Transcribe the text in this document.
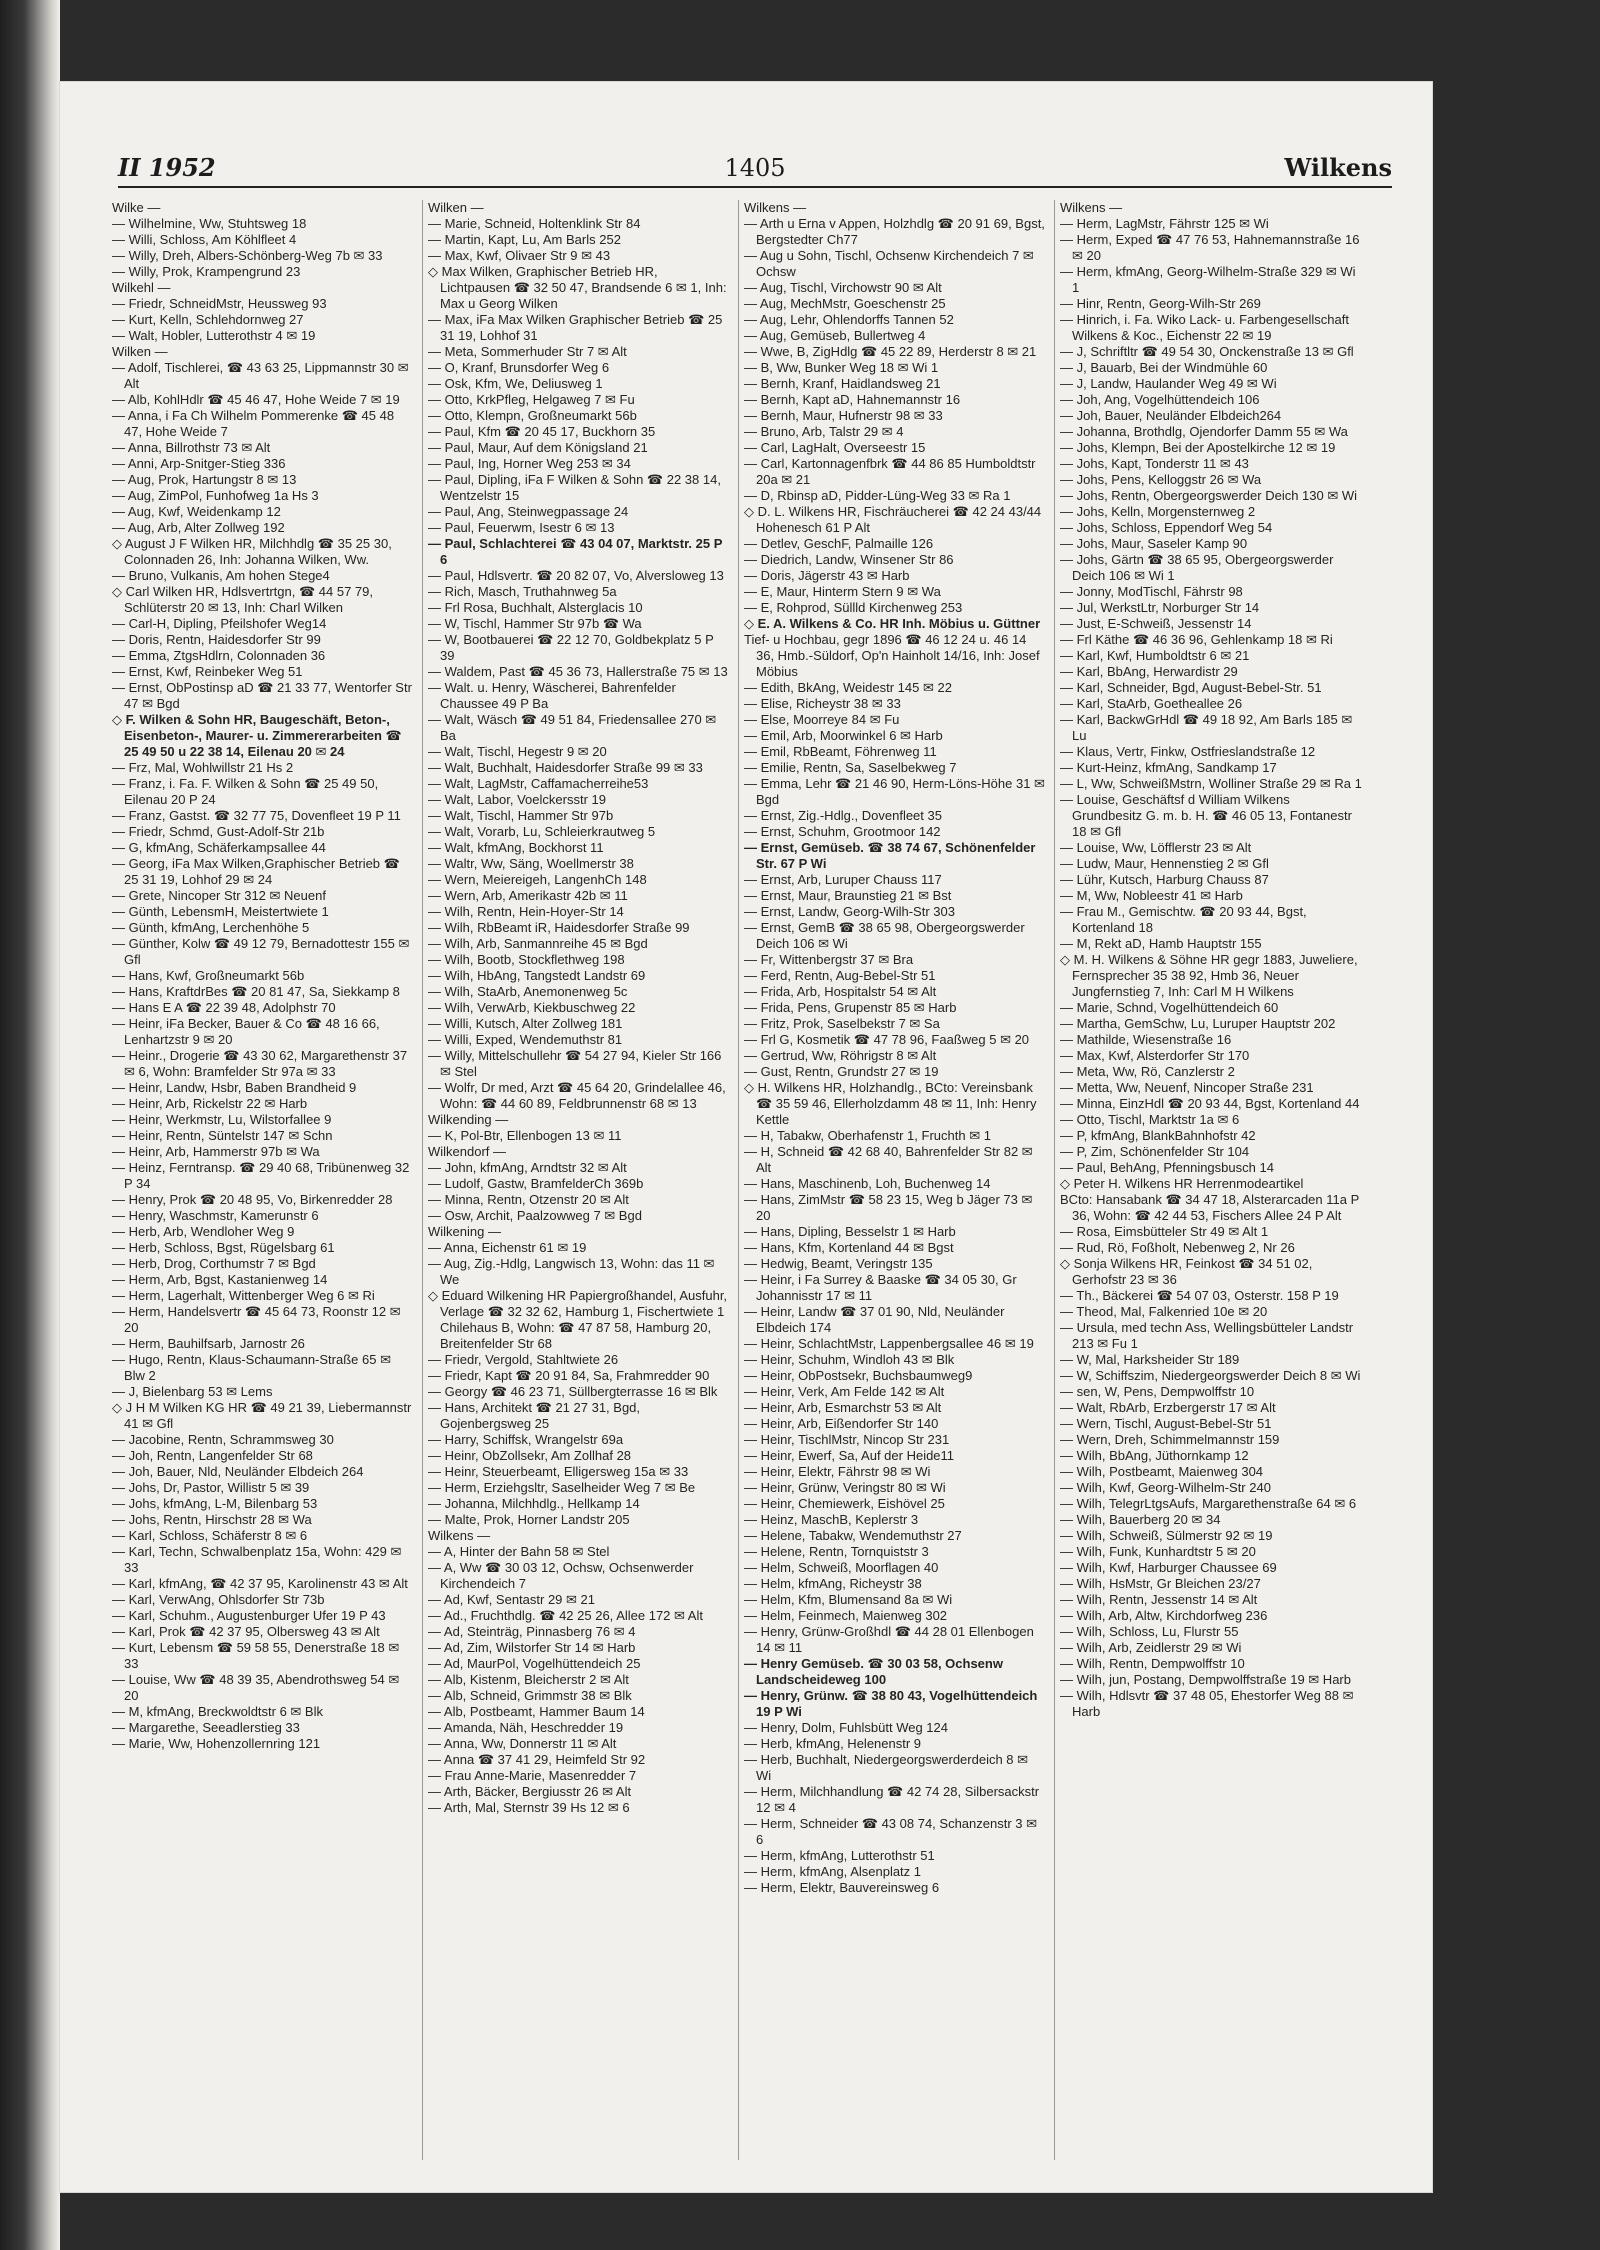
II 1952	1405	Wilkens

Wilke —

— Wilhelmine, Ww, Stuhtsweg 18

— Willi, Schloss, Am Köhlfleet 4

— Willy, Dreh, Albers-Schönberg-Weg 7b ✉ 33

— Willy, Prok, Krampengrund 23

Wilkehl —

— Friedr, SchneidMstr, Heussweg 93

— Kurt, Kelln, Schlehdornweg 27

— Walt, Hobler, Lutterothstr 4 ✉ 19

Wilken —

— Adolf, Tischlerei, ☎ 43 63 25, Lippmannstr 30 ✉ Alt

— Alb, KohlHdlr ☎ 45 46 47, Hohe Weide 7 ✉ 19

— Anna, i Fa Ch Wilhelm Pommerenke ☎ 45 48 47, Hohe Weide 7

— Anna, Billrothstr 73 ✉ Alt

— Anni, Arp-Snitger-Stieg 336

— Aug, Prok, Hartungstr 8 ✉ 13

— Aug, ZimPol, Funhofweg 1a Hs 3

— Aug, Kwf, Weidenkamp 12

— Aug, Arb, Alter Zollweg 192

◇ August J F Wilken HR, Milchhdlg ☎ 35 25 30, Colonnaden 26, Inh: Johanna Wilken, Ww.

— Bruno, Vulkanis, Am hohen Stege4

◇ Carl Wilken HR, Hdlsvertrtgn, ☎ 44 57 79, Schlüterstr 20 ✉ 13, Inh: Charl Wilken

— Carl-H, Dipling, Pfeilshofer Weg14

— Doris, Rentn, Haidesdorfer Str 99

— Emma, ZtgsHdlrn, Colonnaden 36

— Ernst, Kwf, Reinbeker Weg 51

— Ernst, ObPostinsp aD ☎ 21 33 77, Wentorfer Str 47 ✉ Bgd

◇ F. Wilken & Sohn HR, Baugeschäft, Beton-, Eisenbeton-, Maurer- u. Zimmererarbeiten ☎ 25 49 50 u 22 38 14, Eilenau 20 ✉ 24

— Frz, Mal, Wohlwillstr 21 Hs 2

— Franz, i. Fa. F. Wilken & Sohn ☎ 25 49 50, Eilenau 20 P 24

— Franz, Gastst. ☎ 32 77 75, Dovenfleet 19 P 11

— Friedr, Schmd, Gust-Adolf-Str 21b

— G, kfmAng, Schäferkampsallee 44

— Georg, iFa Max Wilken,Graphischer Betrieb ☎ 25 31 19, Lohhof 29 ✉ 24

— Grete, Nincoper Str 312 ✉ Neuenf

— Günth, LebensmH, Meistertwiete 1

— Günth, kfmAng, Lerchenhöhe 5

— Günther, Kolw ☎ 49 12 79, Bernadottestr 155 ✉ Gfl

— Hans, Kwf, Großneumarkt 56b

— Hans, KraftdrBes ☎ 20 81 47, Sa, Siekkamp 8

— Hans E A ☎ 22 39 48, Adolphstr 70

— Heinr, iFa Becker, Bauer & Co ☎ 48 16 66, Lenhartzstr 9 ✉ 20

— Heinr., Drogerie ☎ 43 30 62, Margarethenstr 37 ✉ 6, Wohn: Bramfelder Str 97a ✉ 33

— Heinr, Landw, Hsbr, Baben Brandheid 9

— Heinr, Arb, Rickelstr 22 ✉ Harb

— Heinr, Werkmstr, Lu, Wilstorfallee 9

— Heinr, Rentn, Süntelstr 147 ✉ Schn

— Heinr, Arb, Hammerstr 97b ✉ Wa

— Heinz, Ferntransp. ☎ 29 40 68, Tribünenweg 32 P 34

— Henry, Prok ☎ 20 48 95, Vo, Birkenredder 28

— Henry, Waschmstr, Kamerunstr 6

— Herb, Arb, Wendloher Weg 9

— Herb, Schloss, Bgst, Rügelsbarg 61

— Herb, Drog, Corthumstr 7 ✉ Bgd

— Herm, Arb, Bgst, Kastanienweg 14

— Herm, Lagerhalt, Wittenberger Weg 6 ✉ Ri

— Herm, Handelsvertr ☎ 45 64 73, Roonstr 12 ✉ 20

— Herm, Bauhilfsarb, Jarnostr 26

— Hugo, Rentn, Klaus-Schaumann-Straße 65 ✉ Blw 2

— J, Bielenbarg 53 ✉ Lems

◇ J H M Wilken KG HR ☎ 49 21 39, Liebermannstr 41 ✉ Gfl

— Jacobine, Rentn, Schrammsweg 30

— Joh, Rentn, Langenfelder Str 68

— Joh, Bauer, Nld, Neuländer Elbdeich 264

— Johs, Dr, Pastor, Willistr 5 ✉ 39

— Johs, kfmAng, L-M, Bilenbarg 53

— Johs, Rentn, Hirschstr 28 ✉ Wa

— Karl, Schloss, Schäferstr 8 ✉ 6

— Karl, Techn, Schwalbenplatz 15a, Wohn: 429 ✉ 33

— Karl, kfmAng, ☎ 42 37 95, Karolinenstr 43 ✉ Alt

— Karl, VerwAng, Ohlsdorfer Str 73b

— Karl, Schuhm., Augustenburger Ufer 19 P 43

— Karl, Prok ☎ 42 37 95, Olbersweg 43 ✉ Alt

— Kurt, Lebensm ☎ 59 58 55, Denerstraße 18 ✉ 33

— Louise, Ww ☎ 48 39 35, Abendrothsweg 54 ✉ 20

— M, kfmAng, Breckwoldtstr 6 ✉ Blk

— Margarethe, Seeadlerstieg 33

— Marie, Ww, Hohenzollernring 121

Wilken —

— Marie, Schneid, Holtenklink Str 84

— Martin, Kapt, Lu, Am Barls 252

— Max, Kwf, Olivaer Str 9 ✉ 43

◇ Max Wilken, Graphischer Betrieb HR, Lichtpausen ☎ 32 50 47, Brandsende 6 ✉ 1, Inh: Max u Georg Wilken

— Max, iFa Max Wilken Graphischer Betrieb ☎ 25 31 19, Lohhof 31

— Meta, Sommerhuder Str 7 ✉ Alt

— O, Kranf, Brunsdorfer Weg 6

— Osk, Kfm, We, Deliusweg 1

— Otto, KrkPfleg, Helgaweg 7 ✉ Fu

— Otto, Klempn, Großneumarkt 56b

— Paul, Kfm ☎ 20 45 17, Buckhorn 35

— Paul, Maur, Auf dem Königsland 21

— Paul, Ing, Horner Weg 253 ✉ 34

— Paul, Dipling, iFa F Wilken & Sohn ☎ 22 38 14, Wentzelstr 15

— Paul, Ang, Steinwegpassage 24

— Paul, Feuerwm, Isestr 6 ✉ 13

— Paul, Schlachterei ☎ 43 04 07, Marktstr. 25 P 6

— Paul, Hdlsvertr. ☎ 20 82 07, Vo, Alversloweg 13

— Rich, Masch, Truthahnweg 5a

— Frl Rosa, Buchhalt, Alsterglacis 10

— W, Tischl, Hammer Str 97b ☎ Wa

— W, Bootbauerei ☎ 22 12 70, Goldbekplatz 5 P 39

— Waldem, Past ☎ 45 36 73, Hallerstraße 75 ✉ 13

— Walt. u. Henry, Wäscherei, Bahrenfelder Chaussee 49 P Ba

— Walt, Wäsch ☎ 49 51 84, Friedensallee 270 ✉ Ba

— Walt, Tischl, Hegestr 9 ✉ 20

— Walt, Buchhalt, Haidesdorfer Straße 99 ✉ 33

— Walt, LagMstr, Caffamacherreihe53

— Walt, Labor, Voelckersstr 19

— Walt, Tischl, Hammer Str 97b

— Walt, Vorarb, Lu, Schleierkrautweg 5

— Walt, kfmAng, Bockhorst 11

— Waltr, Ww, Säng, Woellmerstr 38

— Wern, Meiereigeh, LangenhCh 148

— Wern, Arb, Amerikastr 42b ✉ 11

— Wilh, Rentn, Hein-Hoyer-Str 14

— Wilh, RbBeamt iR, Haidesdorfer Straße 99

— Wilh, Arb, Sanmannreihe 45 ✉ Bgd

— Wilh, Bootb, Stockflethweg 198

— Wilh, HbAng, Tangstedt Landstr 69

— Wilh, StaArb, Anemonenweg 5c

— Wilh, VerwArb, Kiekbuschweg 22

— Willi, Kutsch, Alter Zollweg 181

— Willi, Exped, Wendemuthstr 81

— Willy, Mittelschullehr ☎ 54 27 94, Kieler Str 166 ✉ Stel

— Wolfr, Dr med, Arzt ☎ 45 64 20, Grindelallee 46, Wohn: ☎ 44 60 89, Feldbrunnenstr 68 ✉ 13

Wilkending —

— K, Pol-Btr, Ellenbogen 13 ✉ 11

Wilkendorf —

— John, kfmAng, Arndtstr 32 ✉ Alt

— Ludolf, Gastw, BramfelderCh 369b

— Minna, Rentn, Otzenstr 20 ✉ Alt

— Osw, Archit, Paalzowweg 7 ✉ Bgd

Wilkening —

— Anna, Eichenstr 61 ✉ 19

— Aug, Zig.-Hdlg, Langwisch 13, Wohn: das 11 ✉ We

◇ Eduard Wilkening HR Papiergroßhandel, Ausfuhr, Verlage ☎ 32 32 62, Hamburg 1, Fischertwiete 1 Chilehaus B, Wohn: ☎ 47 87 58, Hamburg 20, Breitenfelder Str 68

— Friedr, Vergold, Stahltwiete 26

— Friedr, Kapt ☎ 20 91 84, Sa, Frahmredder 90

— Georgy ☎ 46 23 71, Süllbergterrasse 16 ✉ Blk

— Hans, Architekt ☎ 21 27 31, Bgd, Gojenbergsweg 25

— Harry, Schiffsk, Wrangelstr 69a

— Heinr, ObZollsekr, Am Zollhaf 28

— Heinr, Steuerbeamt, Elligersweg 15a ✉ 33

— Herm, Erziehgsltr, Saselheider Weg 7 ✉ Be

— Johanna, Milchhdlg., Hellkamp 14

— Malte, Prok, Horner Landstr 205

Wilkens —

— A, Hinter der Bahn 58 ✉ Stel

— A, Ww ☎ 30 03 12, Ochsw, Ochsenwerder Kirchendeich 7

— Ad, Kwf, Sentastr 29 ✉ 21

— Ad., Fruchthdlg. ☎ 42 25 26, Allee 172 ✉ Alt

— Ad, Steinträg, Pinnasberg 76 ✉ 4

— Ad, Zim, Wilstorfer Str 14 ✉ Harb

— Ad, MaurPol, Vogelhüttendeich 25

— Alb, Kistenm, Bleicherstr 2 ✉ Alt

— Alb, Schneid, Grimmstr 38 ✉ Blk

— Alb, Postbeamt, Hammer Baum 14

— Amanda, Näh, Heschredder 19

— Anna, Ww, Donnerstr 11 ✉ Alt

— Anna ☎ 37 41 29, Heimfeld Str 92

— Frau Anne-Marie, Masenredder 7

— Arth, Bäcker, Bergiusstr 26 ✉ Alt

— Arth, Mal, Sternstr 39 Hs 12 ✉ 6

Wilkens —

— Arth u Erna v Appen, Holzhdlg ☎ 20 91 69, Bgst, Bergstedter Ch77

— Aug u Sohn, Tischl, Ochsenw Kirchendeich 7 ✉ Ochsw

— Aug, Tischl, Virchowstr 90 ✉ Alt

— Aug, MechMstr, Goeschenstr 25

— Aug, Lehr, Ohlendorffs Tannen 52

— Aug, Gemüseb, Bullertweg 4

— Wwe, B, ZigHdlg ☎ 45 22 89, Herderstr 8 ✉ 21

— B, Ww, Bunker Weg 18 ✉ Wi 1

— Bernh, Kranf, Haidlandsweg 21

— Bernh, Kapt aD, Hahnemannstr 16

— Bernh, Maur, Hufnerstr 98 ✉ 33

— Bruno, Arb, Talstr 29 ✉ 4

— Carl, LagHalt, Overseestr 15

— Carl, Kartonnagenfbrk ☎ 44 86 85 Humboldtstr 20a ✉ 21

— D, Rbinsp aD, Pidder-Lüng-Weg 33 ✉ Ra 1

◇ D. L. Wilkens HR, Fischräucherei ☎ 42 24 43/44 Hohenesch 61 P Alt

— Detlev, GeschF, Palmaille 126

— Diedrich, Landw, Winsener Str 86

— Doris, Jägerstr 43 ✉ Harb

— E, Maur, Hinterm Stern 9 ✉ Wa

— E, Rohprod, Süllld Kirchenweg 253

◇ E. A. Wilkens & Co. HR Inh. Möbius u. Güttner

Tief- u Hochbau, gegr 1896 ☎ 46 12 24 u. 46 14 36, Hmb.-Süldorf, Op'n Hainholt 14/16, Inh: Josef Möbius

— Edith, BkAng, Weidestr 145 ✉ 22

— Elise, Richeystr 38 ✉ 33

— Else, Moorreye 84 ✉ Fu

— Emil, Arb, Moorwinkel 6 ✉ Harb

— Emil, RbBeamt, Föhrenweg 11

— Emilie, Rentn, Sa, Saselbekweg 7

— Emma, Lehr ☎ 21 46 90, Herm-Löns-Höhe 31 ✉ Bgd

— Ernst, Zig.-Hdlg., Dovenfleet 35

— Ernst, Schuhm, Grootmoor 142

— Ernst, Gemüseb. ☎ 38 74 67, Schönenfelder Str. 67 P Wi

— Ernst, Arb, Luruper Chauss 117

— Ernst, Maur, Braunstieg 21 ✉ Bst

— Ernst, Landw, Georg-Wilh-Str 303

— Ernst, GemB ☎ 38 65 98, Obergeorgswerder Deich 106 ✉ Wi

— Fr, Wittenbergstr 37 ✉ Bra

— Ferd, Rentn, Aug-Bebel-Str 51

— Frida, Arb, Hospitalstr 54 ✉ Alt

— Frida, Pens, Grupenstr 85 ✉ Harb

— Fritz, Prok, Saselbekstr 7 ✉ Sa

— Frl G, Kosmetik ☎ 47 78 96, Faaßweg 5 ✉ 20

— Gertrud, Ww, Röhrigstr 8 ✉ Alt

— Gust, Rentn, Grundstr 27 ✉ 19

◇ H. Wilkens HR, Holzhandlg., BCto: Vereinsbank ☎ 35 59 46, Ellerholzdamm 48 ✉ 11, Inh: Henry Kettle

— H, Tabakw, Oberhafenstr 1, Fruchth ✉ 1

— H, Schneid ☎ 42 68 40, Bahrenfelder Str 82 ✉ Alt

— Hans, Maschinenb, Loh, Buchenweg 14

— Hans, ZimMstr ☎ 58 23 15, Weg b Jäger 73 ✉ 20

— Hans, Dipling, Besselstr 1 ✉ Harb

— Hans, Kfm, Kortenland 44 ✉ Bgst

— Hedwig, Beamt, Veringstr 135

— Heinr, i Fa Surrey & Baaske ☎ 34 05 30, Gr Johannisstr 17 ✉ 11

— Heinr, Landw ☎ 37 01 90, Nld, Neuländer Elbdeich 174

— Heinr, SchlachtMstr, Lappenbergsallee 46 ✉ 19

— Heinr, Schuhm, Windloh 43 ✉ Blk

— Heinr, ObPostsekr, Buchsbaumweg9

— Heinr, Verk, Am Felde 142 ✉ Alt

— Heinr, Arb, Esmarchstr 53 ✉ Alt

— Heinr, Arb, Eißendorfer Str 140

— Heinr, TischlMstr, Nincop Str 231

— Heinr, Ewerf, Sa, Auf der Heide11

— Heinr, Elektr, Fährstr 98 ✉ Wi

— Heinr, Grünw, Veringstr 80 ✉ Wi

— Heinr, Chemiewerk, Eishövel 25

— Heinz, MaschB, Keplerstr 3

— Helene, Tabakw, Wendemuthstr 27

— Helene, Rentn, Tornquiststr 3

— Helm, Schweiß, Moorflagen 40

— Helm, kfmAng, Richeystr 38

— Helm, Kfm, Blumensand 8a ✉ Wi

— Helm, Feinmech, Maienweg 302

— Henry, Grünw-Großhdl ☎ 44 28 01 Ellenbogen 14 ✉ 11

— Henry Gemüseb. ☎ 30 03 58, Ochsenw Landscheideweg 100

— Henry, Grünw. ☎ 38 80 43, Vogelhüttendeich 19 P Wi

— Henry, Dolm, Fuhlsbütt Weg 124

— Herb, kfmAng, Helenenstr 9

— Herb, Buchhalt, Niedergeorgswerderdeich 8 ✉ Wi

— Herm, Milchhandlung ☎ 42 74 28, Silbersackstr 12 ✉ 4

— Herm, Schneider ☎ 43 08 74, Schanzenstr 3 ✉ 6

— Herm, kfmAng, Lutterothstr 51

— Herm, kfmAng, Alsenplatz 1

— Herm, Elektr, Bauvereinsweg 6

Wilkens —

— Herm, LagMstr, Fährstr 125 ✉ Wi

— Herm, Exped ☎ 47 76 53, Hahnemannstraße 16 ✉ 20

— Herm, kfmAng, Georg-Wilhelm-Straße 329 ✉ Wi 1

— Hinr, Rentn, Georg-Wilh-Str 269

— Hinrich, i. Fa. Wiko Lack- u. Farbengesellschaft Wilkens & Koc., Eichenstr 22 ✉ 19

— J, Schriftltr ☎ 49 54 30, Onckenstraße 13 ✉ Gfl

— J, Bauarb, Bei der Windmühle 60

— J, Landw, Haulander Weg 49 ✉ Wi

— Joh, Ang, Vogelhüttendeich 106

— Joh, Bauer, Neuländer Elbdeich264

— Johanna, Brothdlg, Ojendorfer Damm 55 ✉ Wa

— Johs, Klempn, Bei der Apostelkirche 12 ✉ 19

— Johs, Kapt, Tonderstr 11 ✉ 43

— Johs, Pens, Kelloggstr 26 ✉ Wa

— Johs, Rentn, Obergeorgswerder Deich 130 ✉ Wi

— Johs, Kelln, Morgensternweg 2

— Johs, Schloss, Eppendorf Weg 54

— Johs, Maur, Saseler Kamp 90

— Johs, Gärtn ☎ 38 65 95, Obergeorgswerder Deich 106 ✉ Wi 1

— Jonny, ModTischl, Fährstr 98

— Jul, WerkstLtr, Norburger Str 14

— Just, E-Schweiß, Jessenstr 14

— Frl Käthe ☎ 46 36 96, Gehlenkamp 18 ✉ Ri

— Karl, Kwf, Humboldtstr 6 ✉ 21

— Karl, BbAng, Herwardistr 29

— Karl, Schneider, Bgd, August-Bebel-Str. 51

— Karl, StaArb, Goetheallee 26

— Karl, BackwGrHdl ☎ 49 18 92, Am Barls 185 ✉ Lu

— Klaus, Vertr, Finkw, Ostfrieslandstraße 12

— Kurt-Heinz, kfmAng, Sandkamp 17

— L, Ww, SchweißMstrn, Wolliner Straße 29 ✉ Ra 1

— Louise, Geschäftsf d William Wilkens Grundbesitz G. m. b. H. ☎ 46 05 13, Fontanestr 18 ✉ Gfl

— Louise, Ww, Löfflerstr 23 ✉ Alt

— Ludw, Maur, Hennenstieg 2 ✉ Gfl

— Lühr, Kutsch, Harburg Chauss 87

— M, Ww, Nobleestr 41 ✉ Harb

— Frau M., Gemischtw. ☎ 20 93 44, Bgst, Kortenland 18

— M, Rekt aD, Hamb Hauptstr 155

◇ M. H. Wilkens & Söhne HR gegr 1883, Juweliere, Fernsprecher 35 38 92, Hmb 36, Neuer Jungfernstieg 7, Inh: Carl M H Wilkens

— Marie, Schnd, Vogelhüttendeich 60

— Martha, GemSchw, Lu, Luruper Hauptstr 202

— Mathilde, Wiesenstraße 16

— Max, Kwf, Alsterdorfer Str 170

— Meta, Ww, Rö, Canzlerstr 2

— Metta, Ww, Neuenf, Nincoper Straße 231

— Minna, EinzHdl ☎ 20 93 44, Bgst, Kortenland 44

— Otto, Tischl, Marktstr 1a ✉ 6

— P, kfmAng, BlankBahnhofstr 42

— P, Zim, Schönenfelder Str 104

— Paul, BehAng, Pfenningsbusch 14

◇ Peter H. Wilkens HR Herrenmodeartikel

BCto: Hansabank ☎ 34 47 18, Alsterarcaden 11a P 36, Wohn: ☎ 42 44 53, Fischers Allee 24 P Alt

— Rosa, Eimsbütteler Str 49 ✉ Alt 1

— Rud, Rö, Foßholt, Nebenweg 2, Nr 26

◇ Sonja Wilkens HR, Feinkost ☎ 34 51 02, Gerhofstr 23 ✉ 36

— Th., Bäckerei ☎ 54 07 03, Osterstr. 158 P 19

— Theod, Mal, Falkenried 10e ✉ 20

— Ursula, med techn Ass, Wellingsbütteler Landstr 213 ✉ Fu 1

— W, Mal, Harksheider Str 189

— W, Schiffszim, Niedergeorgswerder Deich 8 ✉ Wi

— sen, W, Pens, Dempwolffstr 10

— Walt, RbArb, Erzbergerstr 17 ✉ Alt

— Wern, Tischl, August-Bebel-Str 51

— Wern, Dreh, Schimmelmannstr 159

— Wilh, BbAng, Jüthornkamp 12

— Wilh, Postbeamt, Maienweg 304

— Wilh, Kwf, Georg-Wilhelm-Str 240

— Wilh, TelegrLtgsAufs, Margarethenstraße 64 ✉ 6

— Wilh, Bauerberg 20 ✉ 34

— Wilh, Schweiß, Sülmerstr 92 ✉ 19

— Wilh, Funk, Kunhardtstr 5 ✉ 20

— Wilh, Kwf, Harburger Chaussee 69

— Wilh, HsMstr, Gr Bleichen 23/27

— Wilh, Rentn, Jessenstr 14 ✉ Alt

— Wilh, Arb, Altw, Kirchdorfweg 236

— Wilh, Schloss, Lu, Flurstr 55

— Wilh, Arb, Zeidlerstr 29 ✉ Wi

— Wilh, Rentn, Dempwolffstr 10

— Wilh, jun, Postang, Dempwolffstraße 19 ✉ Harb

— Wilh, Hdlsvtr ☎ 37 48 05, Ehestorfer Weg 88 ✉ Harb
